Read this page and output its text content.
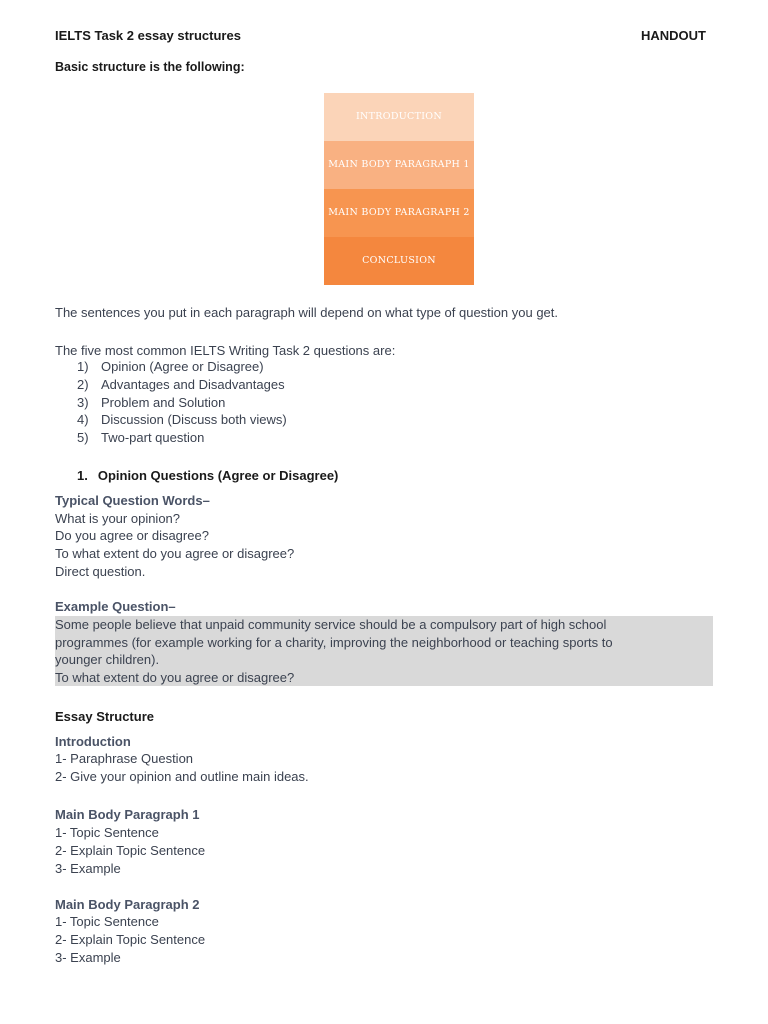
IELTS Task 2 essay structures	HANDOUT
Basic structure is the following:
INTRODUCTION
MAIN BODY PARAGRAPH 1
MAIN BODY PARAGRAPH 2
CONCLUSION
The sentences you put in each paragraph will depend on what type of question you get.
The five most common IELTS Writing Task 2 questions are:
1) Opinion (Agree or Disagree)
2) Advantages and Disadvantages
3) Problem and Solution
4) Discussion (Discuss both views)
5) Two-part question
1. Opinion Questions (Agree or Disagree)
Typical Question Words–
What is your opinion?
Do you agree or disagree?
To what extent do you agree or disagree?
Direct question.
Example Question–
Some people believe that unpaid community service should be a compulsory part of high school
programmes (for example working for a charity, improving the neighborhood or teaching sports to
younger children).
To what extent do you agree or disagree?
Essay Structure
Introduction
1- Paraphrase Question
2- Give your opinion and outline main ideas.
Main Body Paragraph 1
1- Topic Sentence
2- Explain Topic Sentence
3- Example
Main Body Paragraph 2
1- Topic Sentence
2- Explain Topic Sentence
3- Example
